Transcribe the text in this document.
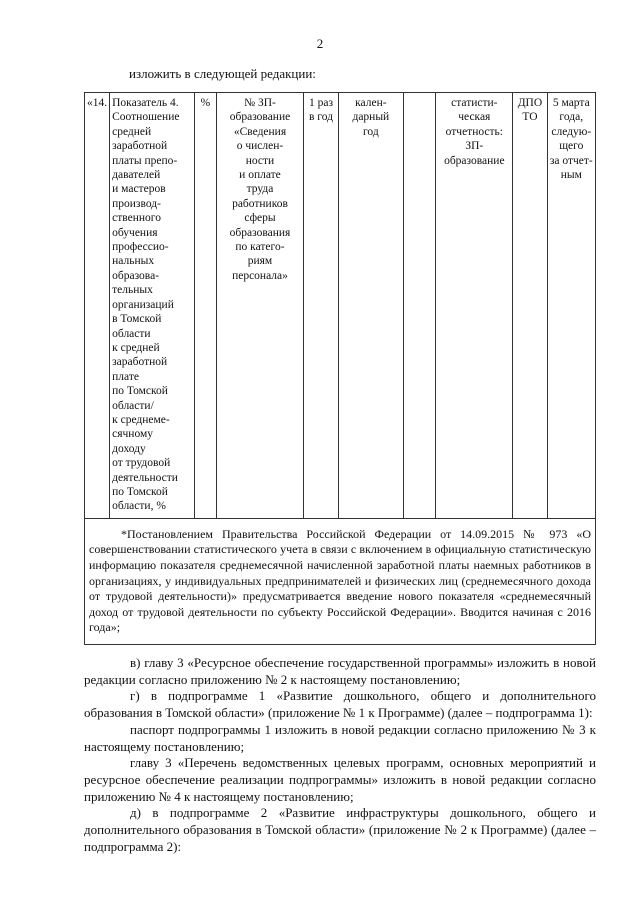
2
изложить в следующей редакции:
«14.	Показатель 4.
Соотношение
средней
заработной
платы препо-
давателей
и мастеров
производ-
ственного
обучения
профессио-
нальных
образова-
тельных
организаций
в Томской
области
к средней
заработной
плате
по Томской
области/
к среднеме-
сячному
доходу
от трудовой
деятельности
по Томской
области, %	%	№ ЗП-
образование
«Сведения
о числен-
ности
и оплате
труда
работников
сферы
образования
по катего-
риям
персонала»	1 раз
в год	кален-
дарный
год		статисти-
ческая
отчетность:
ЗП-
образование	ДПО
ТО	5 марта
года,
следую-
щего
за отчет-
ным
*Постановлением Правительства Российской Федерации от 14.09.2015 № 973 «О совершенствовании статистического учета в связи с включением в официальную статистическую информацию показателя среднемесячной начисленной заработной платы наемных работников в организациях, у индивидуальных предпринимателей и физических лиц (среднемесячного дохода от трудовой деятельности)» предусматривается введение нового показателя «среднемесячный доход от трудовой деятельности по субъекту Российской Федерации». Вводится начиная с 2016 года»;

в) главу 3 «Ресурсное обеспечение государственной программы» изложить в новой редакции согласно приложению № 2 к настоящему постановлению;

г) в подпрограмме 1 «Развитие дошкольного, общего и дополнительного образования в Томской области» (приложение № 1 к Программе) (далее – подпрограмма 1):

паспорт подпрограммы 1 изложить в новой редакции согласно приложению № 3 к настоящему постановлению;

главу 3 «Перечень ведомственных целевых программ, основных мероприятий и ресурсное обеспечение реализации подпрограммы» изложить в новой редакции согласно приложению № 4 к настоящему постановлению;

д) в подпрограмме 2 «Развитие инфраструктуры дошкольного, общего и дополнительного образования в Томской области» (приложение № 2 к Программе) (далее – подпрограмма 2):
